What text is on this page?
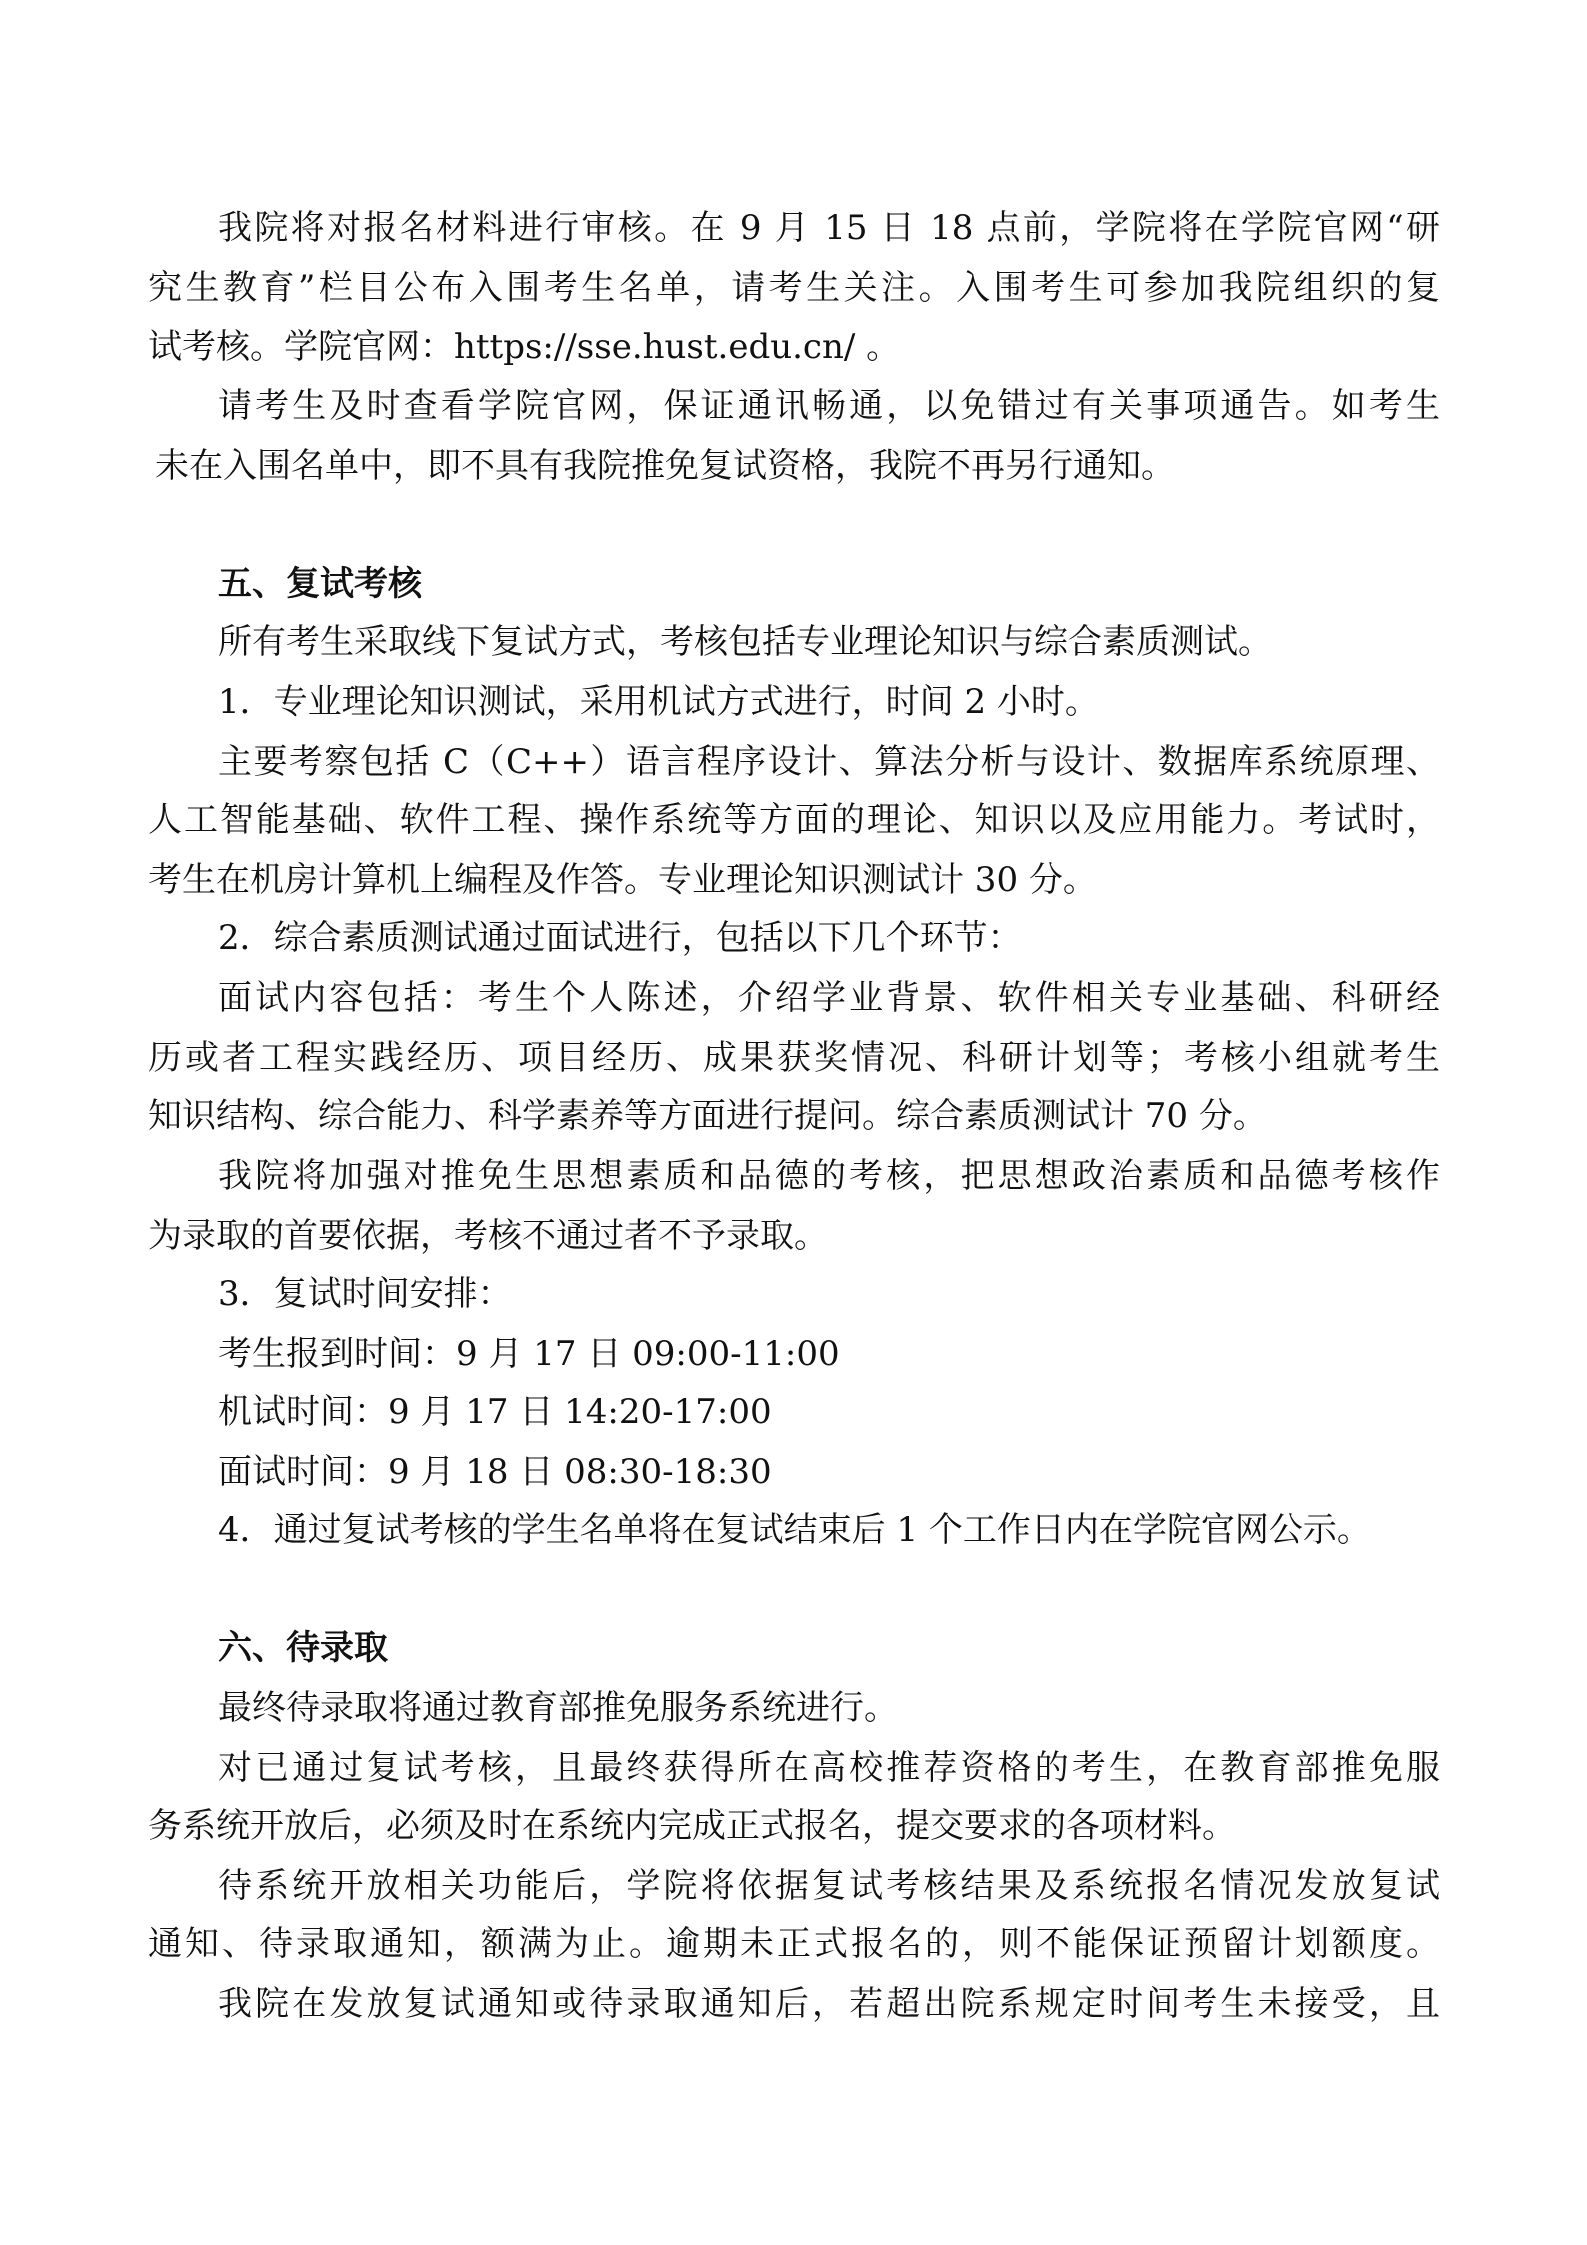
我院将对报名材料进行审核。在 9 月 15 日 18 点前，学院将在学院官网“研
究生教育”栏目公布入围考生名单，请考生关注。入围考生可参加我院组织的复
试考核。学院官网：https://sse.hust.edu.cn/ 。
请考生及时查看学院官网，保证通讯畅通，以免错过有关事项通告。如考生
未在入围名单中，即不具有我院推免复试资格，我院不再另行通知。
五、复试考核
所有考生采取线下复试方式，考核包括专业理论知识与综合素质测试。
1．专业理论知识测试，采用机试方式进行，时间 2 小时。
主要考察包括 C（C++）语言程序设计、算法分析与设计、数据库系统原理、
人工智能基础、软件工程、操作系统等方面的理论、知识以及应用能力。考试时，
考生在机房计算机上编程及作答。专业理论知识测试计 30 分。
2．综合素质测试通过面试进行，包括以下几个环节：
面试内容包括：考生个人陈述，介绍学业背景、软件相关专业基础、科研经
历或者工程实践经历、项目经历、成果获奖情况、科研计划等；考核小组就考生
知识结构、综合能力、科学素养等方面进行提问。综合素质测试计 70 分。
我院将加强对推免生思想素质和品德的考核，把思想政治素质和品德考核作
为录取的首要依据，考核不通过者不予录取。
3．复试时间安排：
考生报到时间：9 月 17 日 09:00-11:00
机试时间：9 月 17 日 14:20-17:00
面试时间：9 月 18 日 08:30-18:30
4．通过复试考核的学生名单将在复试结束后 1 个工作日内在学院官网公示。
六、待录取
最终待录取将通过教育部推免服务系统进行。
对已通过复试考核，且最终获得所在高校推荐资格的考生，在教育部推免服
务系统开放后，必须及时在系统内完成正式报名，提交要求的各项材料。
待系统开放相关功能后，学院将依据复试考核结果及系统报名情况发放复试
通知、待录取通知，额满为止。逾期未正式报名的，则不能保证预留计划额度。
我院在发放复试通知或待录取通知后，若超出院系规定时间考生未接受，且
